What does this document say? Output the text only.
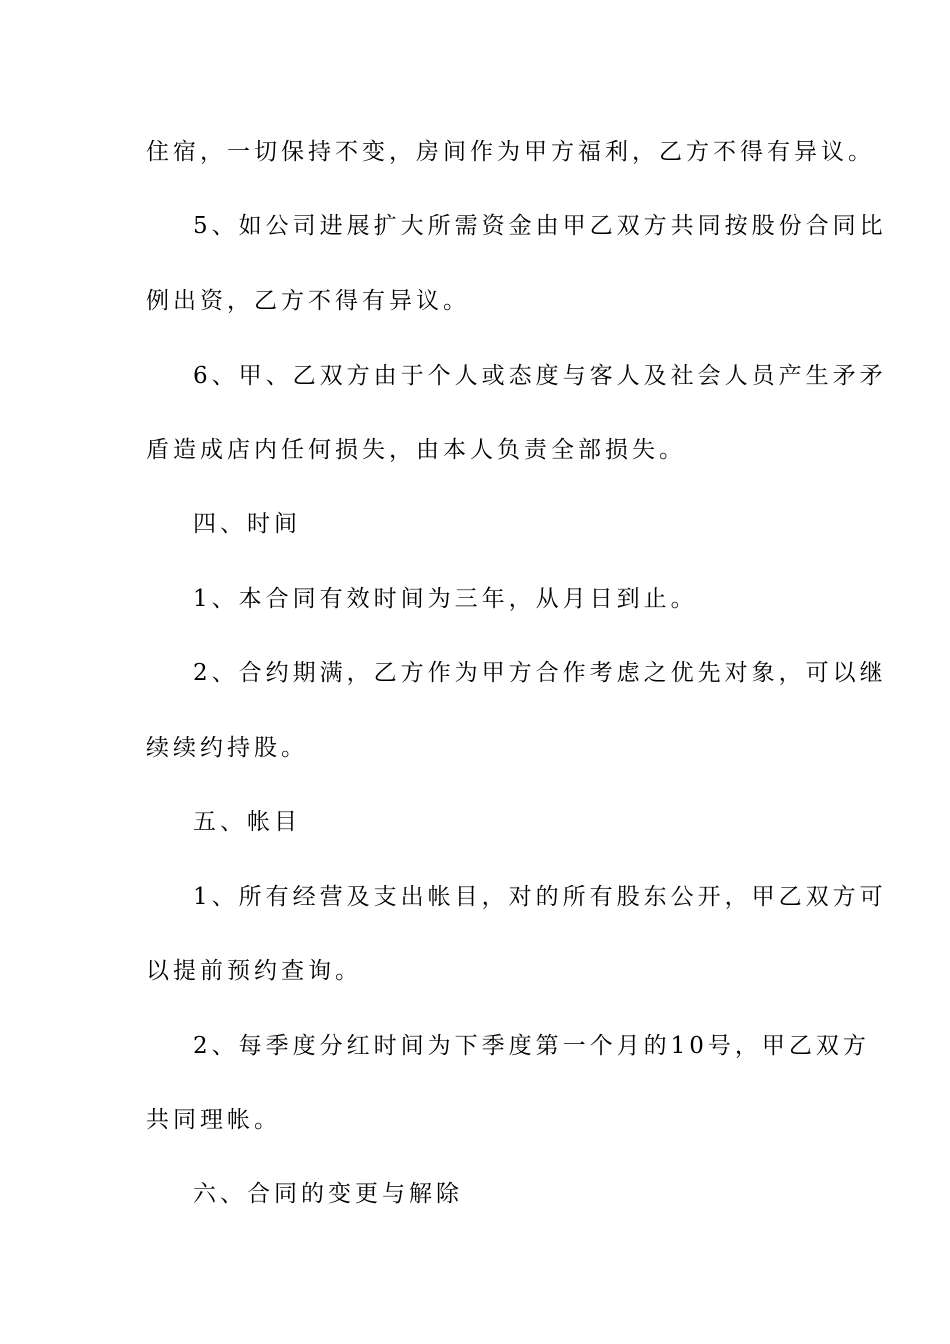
住宿，一切保持不变，房间作为甲方福利，乙方不得有异议。
5、如公司进展扩大所需资金由甲乙双方共同按股份合同比
例出资，乙方不得有异议。
6、甲、乙双方由于个人或态度与客人及社会人员产生矛矛
盾造成店内任何损失，由本人负责全部损失。
四、时间
1、本合同有效时间为三年，从月日到止。
2、合约期满，乙方作为甲方合作考虑之优先对象，可以继
续续约持股。
五、帐目
1、所有经营及支出帐目，对的所有股东公开，甲乙双方可
以提前预约查询。
2、每季度分红时间为下季度第一个月的10号，甲乙双方
共同理帐。
六、合同的变更与解除
